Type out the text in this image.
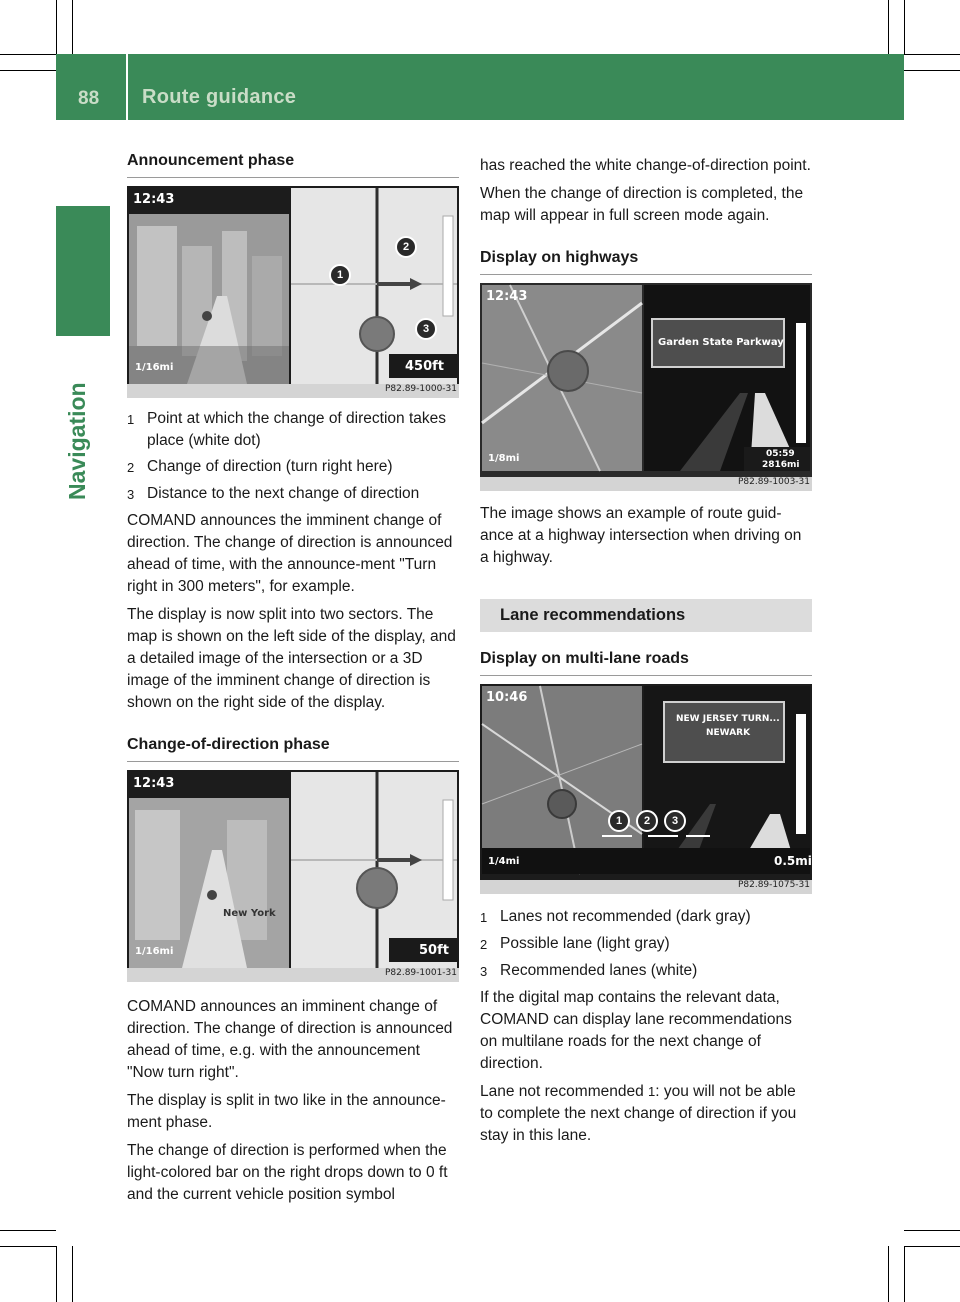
88 Route guidance
Navigation
Announcement phase
12:43
1/16mi	450ft
1
2
3
P82.89-1000-31
1 Point at which the change of direction takes place (white dot)
2 Change of direction (turn right here)
3 Distance to the next change of direction

COMAND announces the imminent change of direction. The change of direction is announced ahead of time, with the announce-ment "Turn right in 300 meters", for example.

The display is now split into two sectors. The map is shown on the left side of the display, and a detailed image of the intersection or a 3D image of the imminent change of direction is shown on the right side of the display.

Change-of-direction phase
12:43
New York
1/16mi	50ft
P82.89-1001-31

COMAND announces an imminent change of direction. The change of direction is announced ahead of time, e.g. with the announcement "Now turn right".

The display is split in two like in the announce-ment phase.

The change of direction is performed when the light-colored bar on the right drops down to 0 ft and the current vehicle position symbol

has reached the white change-of-direction point.

When the change of direction is completed, the map will appear in full screen mode again.

Display on highways
12:43
Garden State Parkway
1/8mi	05:59
2816mi
P82.89-1003-31

The image shows an example of route guid-ance at a highway intersection when driving on a highway.

Lane recommendations
Display on multi-lane roads
10:46
NEW JERSEY TURN...
NEWARK
1/4mi	0.5mi
1	2	3
P82.89-1075-31
1 Lanes not recommended (dark gray)
2 Possible lane (light gray)
3 Recommended lanes (white)

If the digital map contains the relevant data, COMAND can display lane recommendations on multilane roads for the next change of direction.

Lane not recommended 1: you will not be able to complete the next change of direction if you stay in this lane.
